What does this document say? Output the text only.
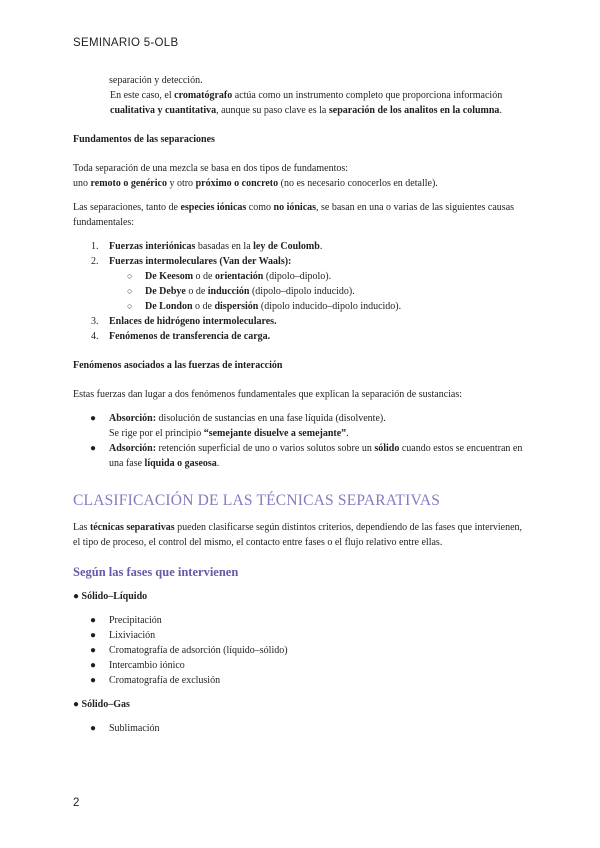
SEMINARIO 5-OLB

separación y detección.

En este caso, el cromatógrafo actúa como un instrumento completo que proporciona información cualitativa y cuantitativa, aunque su paso clave es la separación de los analitos en la columna.

Fundamentos de las separaciones

Toda separación de una mezcla se basa en dos tipos de fundamentos:

uno remoto o genérico y otro próximo o concreto (no es necesario conocerlos en detalle).

Las separaciones, tanto de especies iónicas como no iónicas, se basan en una o varias de las siguientes causas fundamentales:

1.	Fuerzas interiónicas basadas en la ley de Coulomb.
2.	Fuerzas intermoleculares (Van der Waals):
○ De Keesom o de orientación (dipolo–dipolo).
○ De Debye o de inducción (dipolo–dipolo inducido).
○ De London o de dispersión (dipolo inducido–dipolo inducido).
3.	Enlaces de hidrógeno intermoleculares.
4.	Fenómenos de transferencia de carga.

Fenómenos asociados a las fuerzas de interacción

Estas fuerzas dan lugar a dos fenómenos fundamentales que explican la separación de sustancias:

● Absorción: disolución de sustancias en una fase líquida (disolvente).
Se rige por el principio “semejante disuelve a semejante”.
● Adsorción: retención superficial de uno o varios solutos sobre un sólido cuando estos se encuentran en una fase líquida o gaseosa.

CLASIFICACIÓN DE LAS TÉCNICAS SEPARATIVAS

Las técnicas separativas pueden clasificarse según distintos criterios, dependiendo de las fases que intervienen, el tipo de proceso, el control del mismo, el contacto entre fases o el flujo relativo entre ellas.

Según las fases que intervienen

● Sólido–Líquido

● Precipitación
● Lixiviación
● Cromatografía de adsorción (líquido–sólido)
● Intercambio iónico
● Cromatografía de exclusión

● Sólido–Gas

● Sublimación
2
